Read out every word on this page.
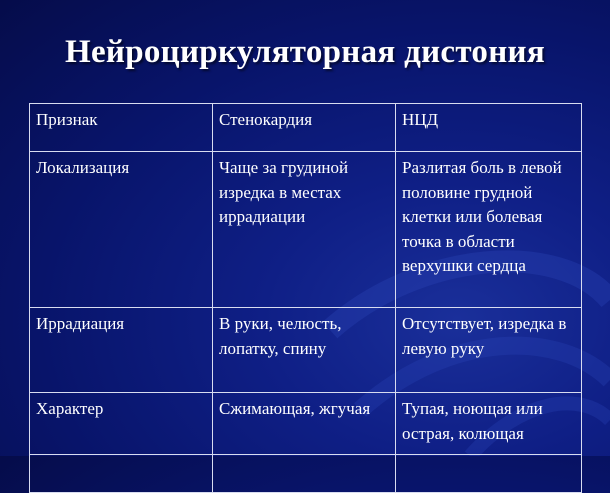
Нейроциркуляторная дистония
Признак	Стенокардия	НЦД
Локализация	Чаще за грудиной изредка в местах иррадиации	Разлитая боль в левой половине грудной клетки или болевая точка в области верхушки сердца
Иррадиация	В руки, челюсть, лопатку, спину	Отсутствует, изредка в левую руку
Характер	Сжимающая, жгучая	Тупая, ноющая или острая, колющая
